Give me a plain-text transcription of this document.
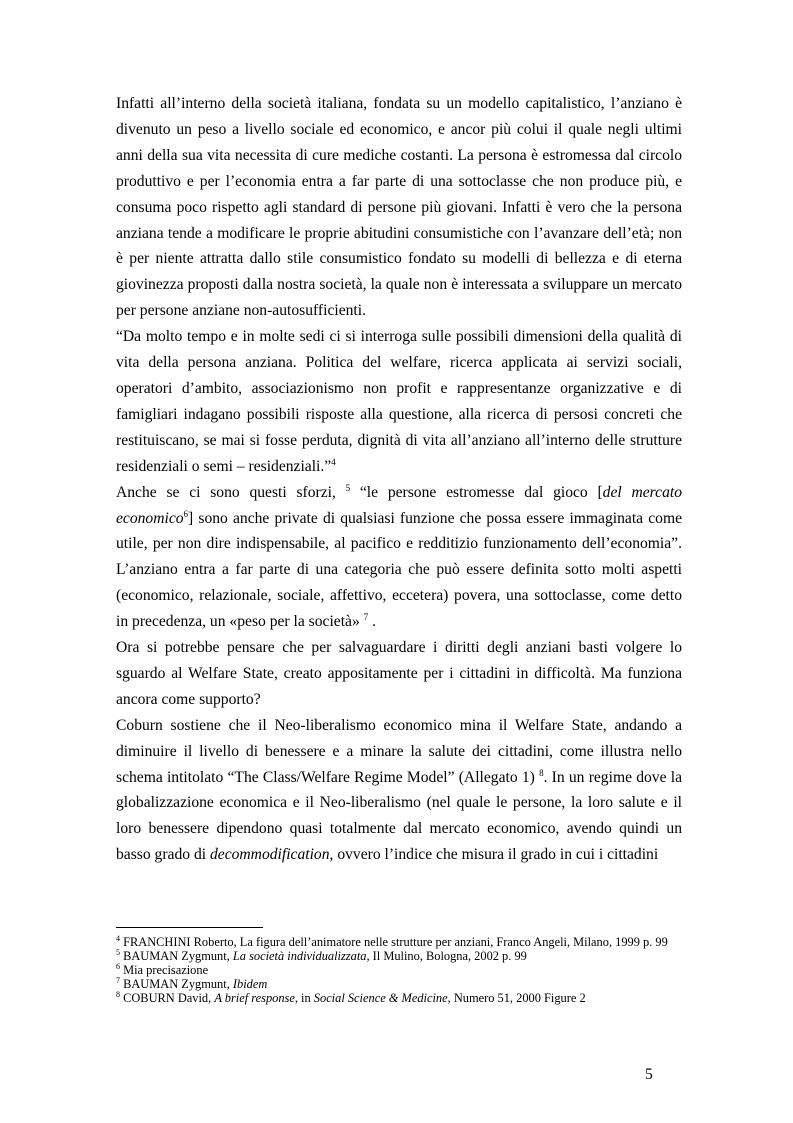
Infatti all’interno della società italiana, fondata su un modello capitalistico, l’anziano è divenuto un peso a livello sociale ed economico, e ancor più colui il quale negli ultimi anni della sua vita necessita di cure mediche costanti. La persona è estromessa dal circolo produttivo e per l’economia entra a far parte di una sottoclasse che non produce più, e consuma poco rispetto agli standard di persone più giovani. Infatti è vero che la persona anziana tende a modificare le proprie abitudini consumistiche con l’avanzare dell’età; non è per niente attratta dallo stile consumistico fondato su modelli di bellezza e di eterna giovinezza proposti dalla nostra società, la quale non è interessata a sviluppare un mercato per persone anziane non-autosufficienti.

“Da molto tempo e in molte sedi ci si interroga sulle possibili dimensioni della qualità di vita della persona anziana. Politica del welfare, ricerca applicata ai servizi sociali, operatori d’ambito, associazionismo non profit e rappresentanze organizzative e di famigliari indagano possibili risposte alla questione, alla ricerca di persosi concreti che restituiscano, se mai si fosse perduta, dignità di vita all’anziano all’interno delle strutture residenziali o semi – residenziali.”$^4$

Anche se ci sono questi sforzi, $^5$ “le persone estromesse dal gioco [del mercato economico$^6$] sono anche private di qualsiasi funzione che possa essere immaginata come utile, per non dire indispensabile, al pacifico e redditizio funzionamento dell’economia”. L’anziano entra a far parte di una categoria che può essere definita sotto molti aspetti (economico, relazionale, sociale, affettivo, eccetera) povera, una sottoclasse, come detto in precedenza, un «peso per la società» $^7$ .

Ora si potrebbe pensare che per salvaguardare i diritti degli anziani basti volgere lo sguardo al Welfare State, creato appositamente per i cittadini in difficoltà. Ma funziona ancora come supporto?

Coburn sostiene che il Neo-liberalismo economico mina il Welfare State, andando a diminuire il livello di benessere e a minare la salute dei cittadini, come illustra nello schema intitolato “The Class/Welfare Regime Model” (Allegato 1) $^8$. In un regime dove la globalizzazione economica e il Neo-liberalismo (nel quale le persone, la loro salute e il loro benessere dipendono quasi totalmente dal mercato economico, avendo quindi un basso grado di decommodification, ovvero l’indice che misura il grado in cui i cittadini

$^4$ FRANCHINI Roberto, La figura dell’animatore nelle strutture per anziani, Franco Angeli, Milano, 1999 p. 99

$^5$ BAUMAN Zygmunt, La società individualizzata, Il Mulino, Bologna, 2002 p. 99

$^6$ Mia precisazione

$^7$ BAUMAN Zygmunt, Ibidem

$^8$ COBURN David, A brief response, in Social Science & Medicine, Numero 51, 2000 Figure 2

5
